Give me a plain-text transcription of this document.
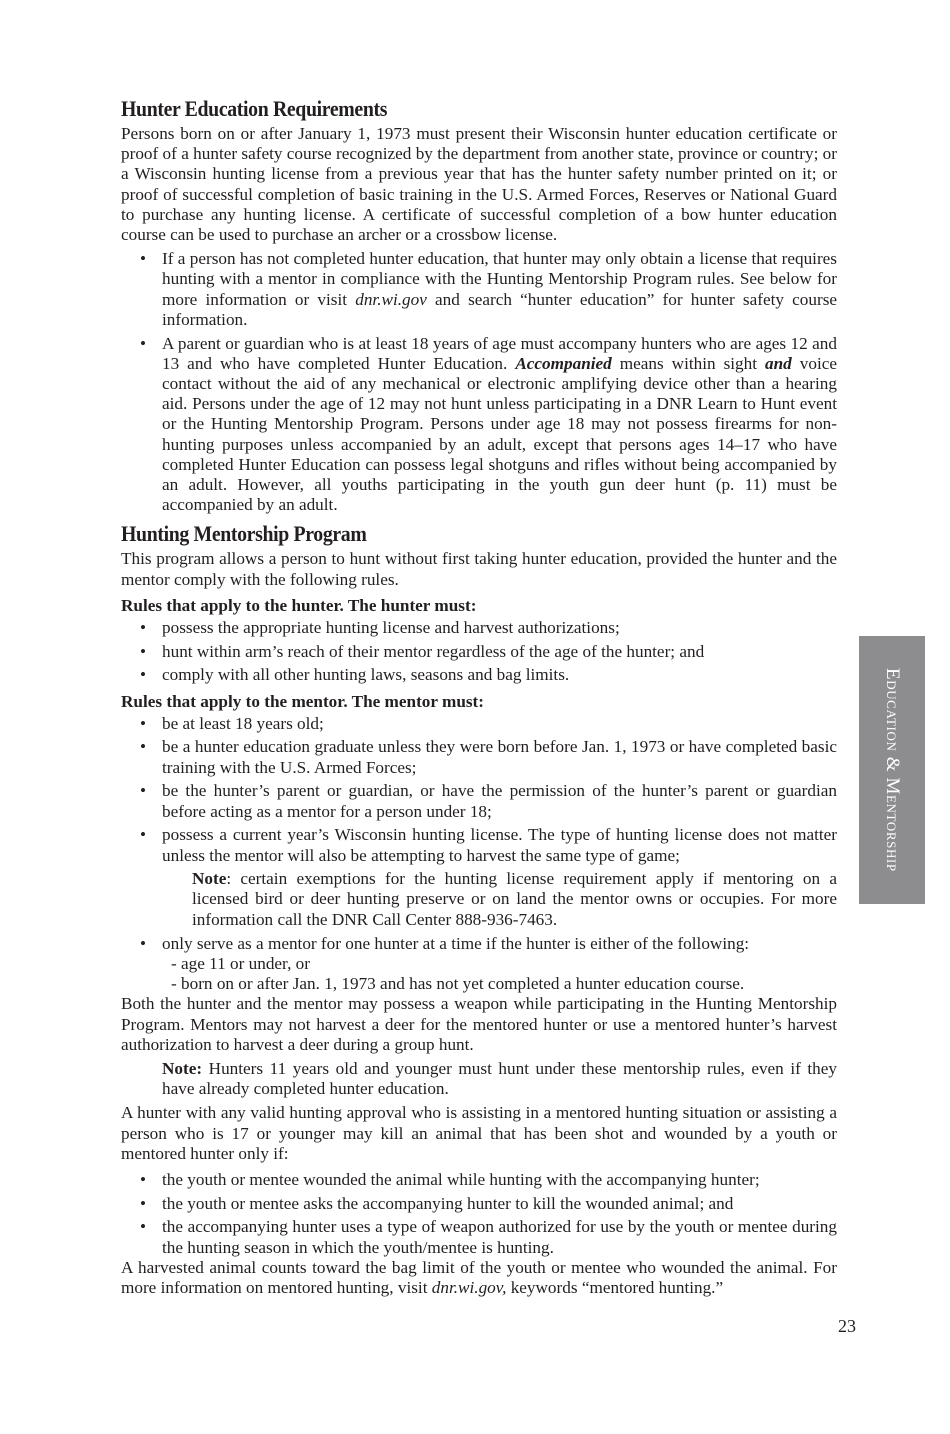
Hunter Education Requirements

Persons born on or after January 1, 1973 must present their Wisconsin hunter education certificate or proof of a hunter safety course recognized by the department from another state, province or country; or a Wisconsin hunting license from a previous year that has the hunter safety number printed on it; or proof of successful completion of basic training in the U.S. Armed Forces, Reserves or National Guard to purchase any hunting license. A certificate of successful completion of a bow hunter education course can be used to purchase an archer or a crossbow license.

• If a person has not completed hunter education, that hunter may only obtain a license that requires hunting with a mentor in compliance with the Hunting Mentorship Program rules. See below for more information or visit dnr.wi.gov and search “hunter education” for hunter safety course information.
• A parent or guardian who is at least 18 years of age must accompany hunters who are ages 12 and 13 and who have completed Hunter Education. Accompanied means within sight and voice contact without the aid of any mechanical or electronic amplifying device other than a hearing aid. Persons under the age of 12 may not hunt unless participating in a DNR Learn to Hunt event or the Hunting Mentorship Program. Persons under age 18 may not possess firearms for non-hunting purposes unless accompanied by an adult, except that persons ages 14–17 who have completed Hunter Education can possess legal shotguns and rifles without being accompanied by an adult. However, all youths participating in the youth gun deer hunt (p. 11) must be accompanied by an adult.
Hunting Mentorship Program

This program allows a person to hunt without first taking hunter education, provided the hunter and the mentor comply with the following rules.

Rules that apply to the hunter. The hunter must:

• possess the appropriate hunting license and harvest authorizations;
• hunt within arm’s reach of their mentor regardless of the age of the hunter; and
• comply with all other hunting laws, seasons and bag limits.

Rules that apply to the mentor. The mentor must:

• be at least 18 years old;
• be a hunter education graduate unless they were born before Jan. 1, 1973 or have completed basic training with the U.S. Armed Forces;
• be the hunter’s parent or guardian, or have the permission of the hunter’s parent or guardian before acting as a mentor for a person under 18;
• possess a current year’s Wisconsin hunting license. The type of hunting license does not matter unless the mentor will also be attempting to harvest the same type of game;

Note: certain exemptions for the hunting license requirement apply if mentoring on a licensed bird or deer hunting preserve or on land the mentor owns or occupies. For more information call the DNR Call Center 888-936-7463.

• only serve as a mentor for one hunter at a time if the hunter is either of the following:

- age 11 or under, or

- born on or after Jan. 1, 1973 and has not yet completed a hunter education course.

Both the hunter and the mentor may possess a weapon while participating in the Hunting Mentorship Program. Mentors may not harvest a deer for the mentored hunter or use a mentored hunter’s harvest authorization to harvest a deer during a group hunt.

Note: Hunters 11 years old and younger must hunt under these mentorship rules, even if they have already completed hunter education.

A hunter with any valid hunting approval who is assisting in a mentored hunting situation or assisting a person who is 17 or younger may kill an animal that has been shot and wounded by a youth or mentored hunter only if:

• the youth or mentee wounded the animal while hunting with the accompanying hunter;
• the youth or mentee asks the accompanying hunter to kill the wounded animal; and
• the accompanying hunter uses a type of weapon authorized for use by the youth or mentee during the hunting season in which the youth/mentee is hunting.

A harvested animal counts toward the bag limit of the youth or mentee who wounded the animal. For more information on mentored hunting, visit dnr.wi.gov, keywords “mentored hunting.”

Education & Mentorship
23
